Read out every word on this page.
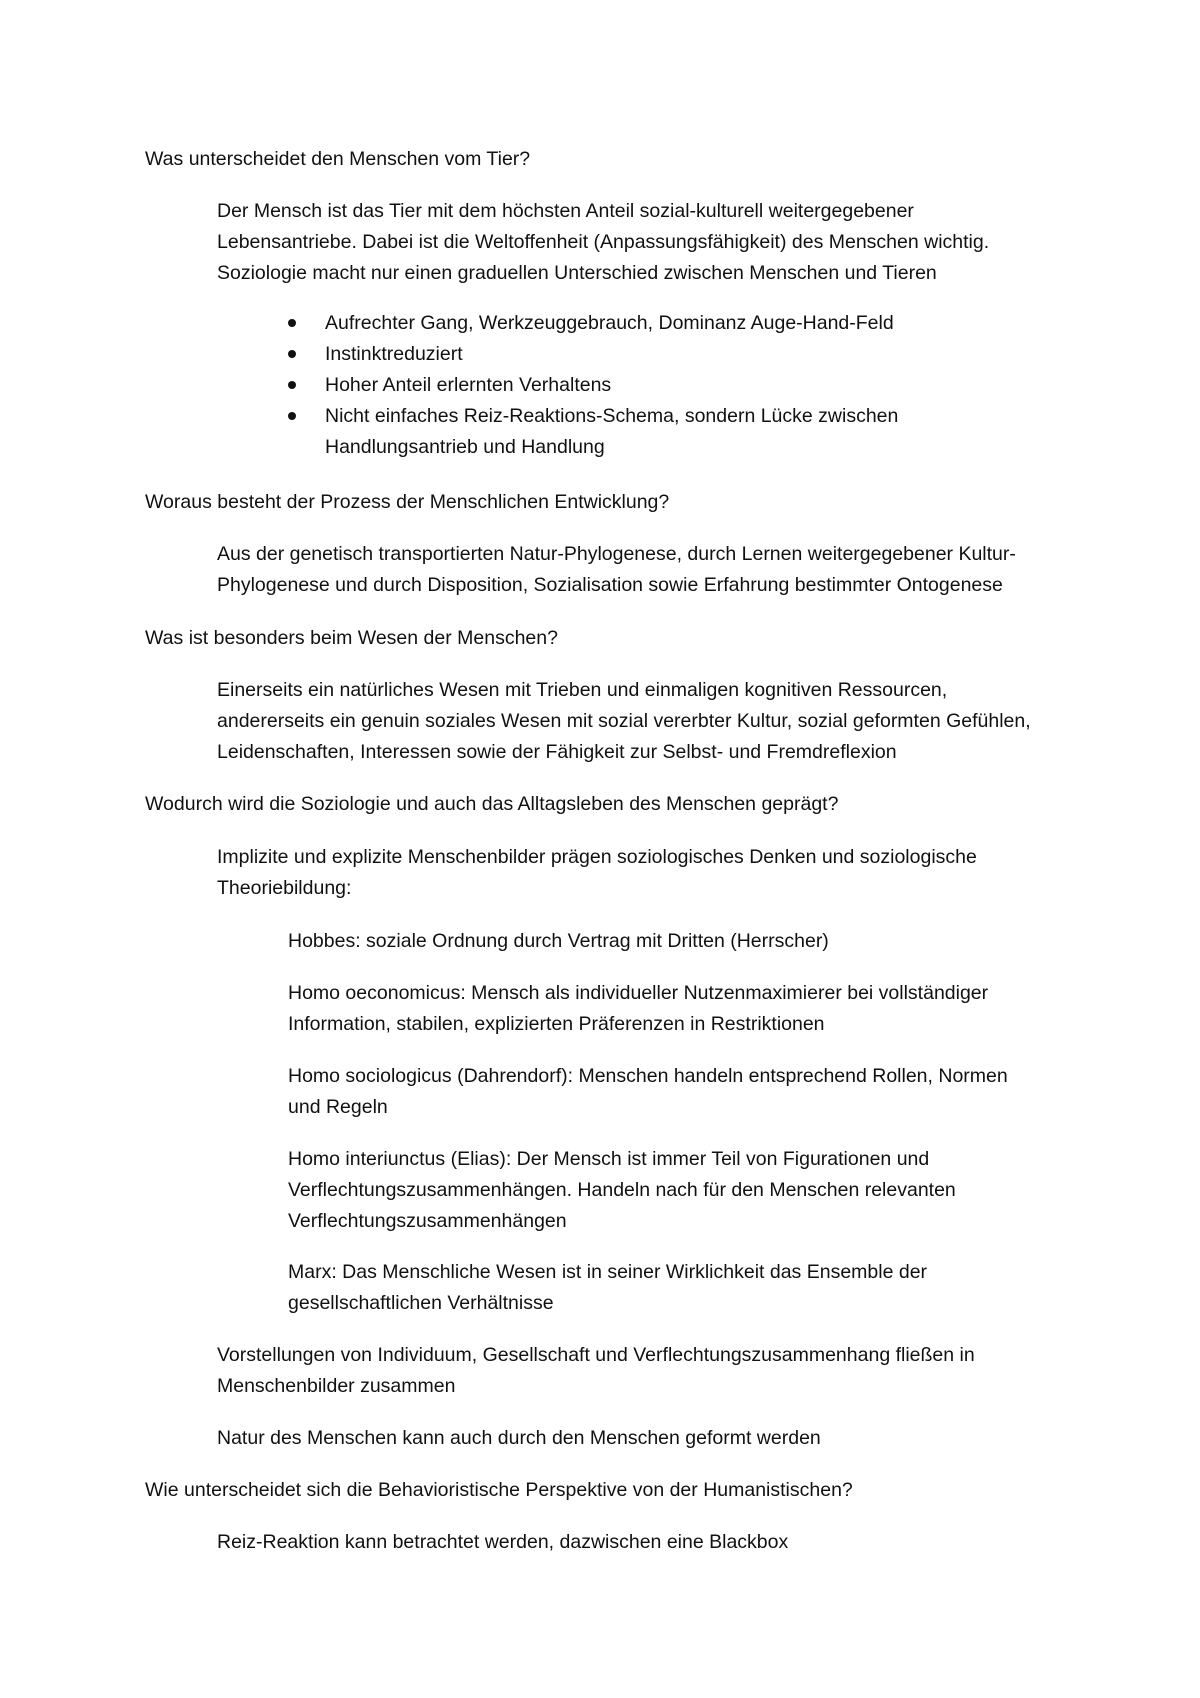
Was unterscheidet den Menschen vom Tier?

Der Mensch ist das Tier mit dem höchsten Anteil sozial-kulturell weitergegebener
Lebensantriebe. Dabei ist die Weltoffenheit (Anpassungsfähigkeit) des Menschen wichtig.
Soziologie macht nur einen graduellen Unterschied zwischen Menschen und Tieren

Aufrechter Gang, Werkzeuggebrauch, Dominanz Auge-Hand-Feld
Instinktreduziert
Hoher Anteil erlernten Verhaltens
Nicht einfaches Reiz-Reaktions-Schema, sondern Lücke zwischen
Handlungsantrieb und Handlung

Woraus besteht der Prozess der Menschlichen Entwicklung?

Aus der genetisch transportierten Natur-Phylogenese, durch Lernen weitergegebener Kultur-
Phylogenese und durch Disposition, Sozialisation sowie Erfahrung bestimmter Ontogenese

Was ist besonders beim Wesen der Menschen?

Einerseits ein natürliches Wesen mit Trieben und einmaligen kognitiven Ressourcen,
andererseits ein genuin soziales Wesen mit sozial vererbter Kultur, sozial geformten Gefühlen,
Leidenschaften, Interessen sowie der Fähigkeit zur Selbst- und Fremdreflexion

Wodurch wird die Soziologie und auch das Alltagsleben des Menschen geprägt?

Implizite und explizite Menschenbilder prägen soziologisches Denken und soziologische
Theoriebildung:

Hobbes: soziale Ordnung durch Vertrag mit Dritten (Herrscher)

Homo oeconomicus: Mensch als individueller Nutzenmaximierer bei vollständiger
Information, stabilen, explizierten Präferenzen in Restriktionen

Homo sociologicus (Dahrendorf): Menschen handeln entsprechend Rollen, Normen
und Regeln

Homo interiunctus (Elias): Der Mensch ist immer Teil von Figurationen und
Verflechtungszusammenhängen. Handeln nach für den Menschen relevanten
Verflechtungszusammenhängen

Marx: Das Menschliche Wesen ist in seiner Wirklichkeit das Ensemble der
gesellschaftlichen Verhältnisse

Vorstellungen von Individuum, Gesellschaft und Verflechtungszusammenhang fließen in
Menschenbilder zusammen

Natur des Menschen kann auch durch den Menschen geformt werden

Wie unterscheidet sich die Behavioristische Perspektive von der Humanistischen?

Reiz-Reaktion kann betrachtet werden, dazwischen eine Blackbox
